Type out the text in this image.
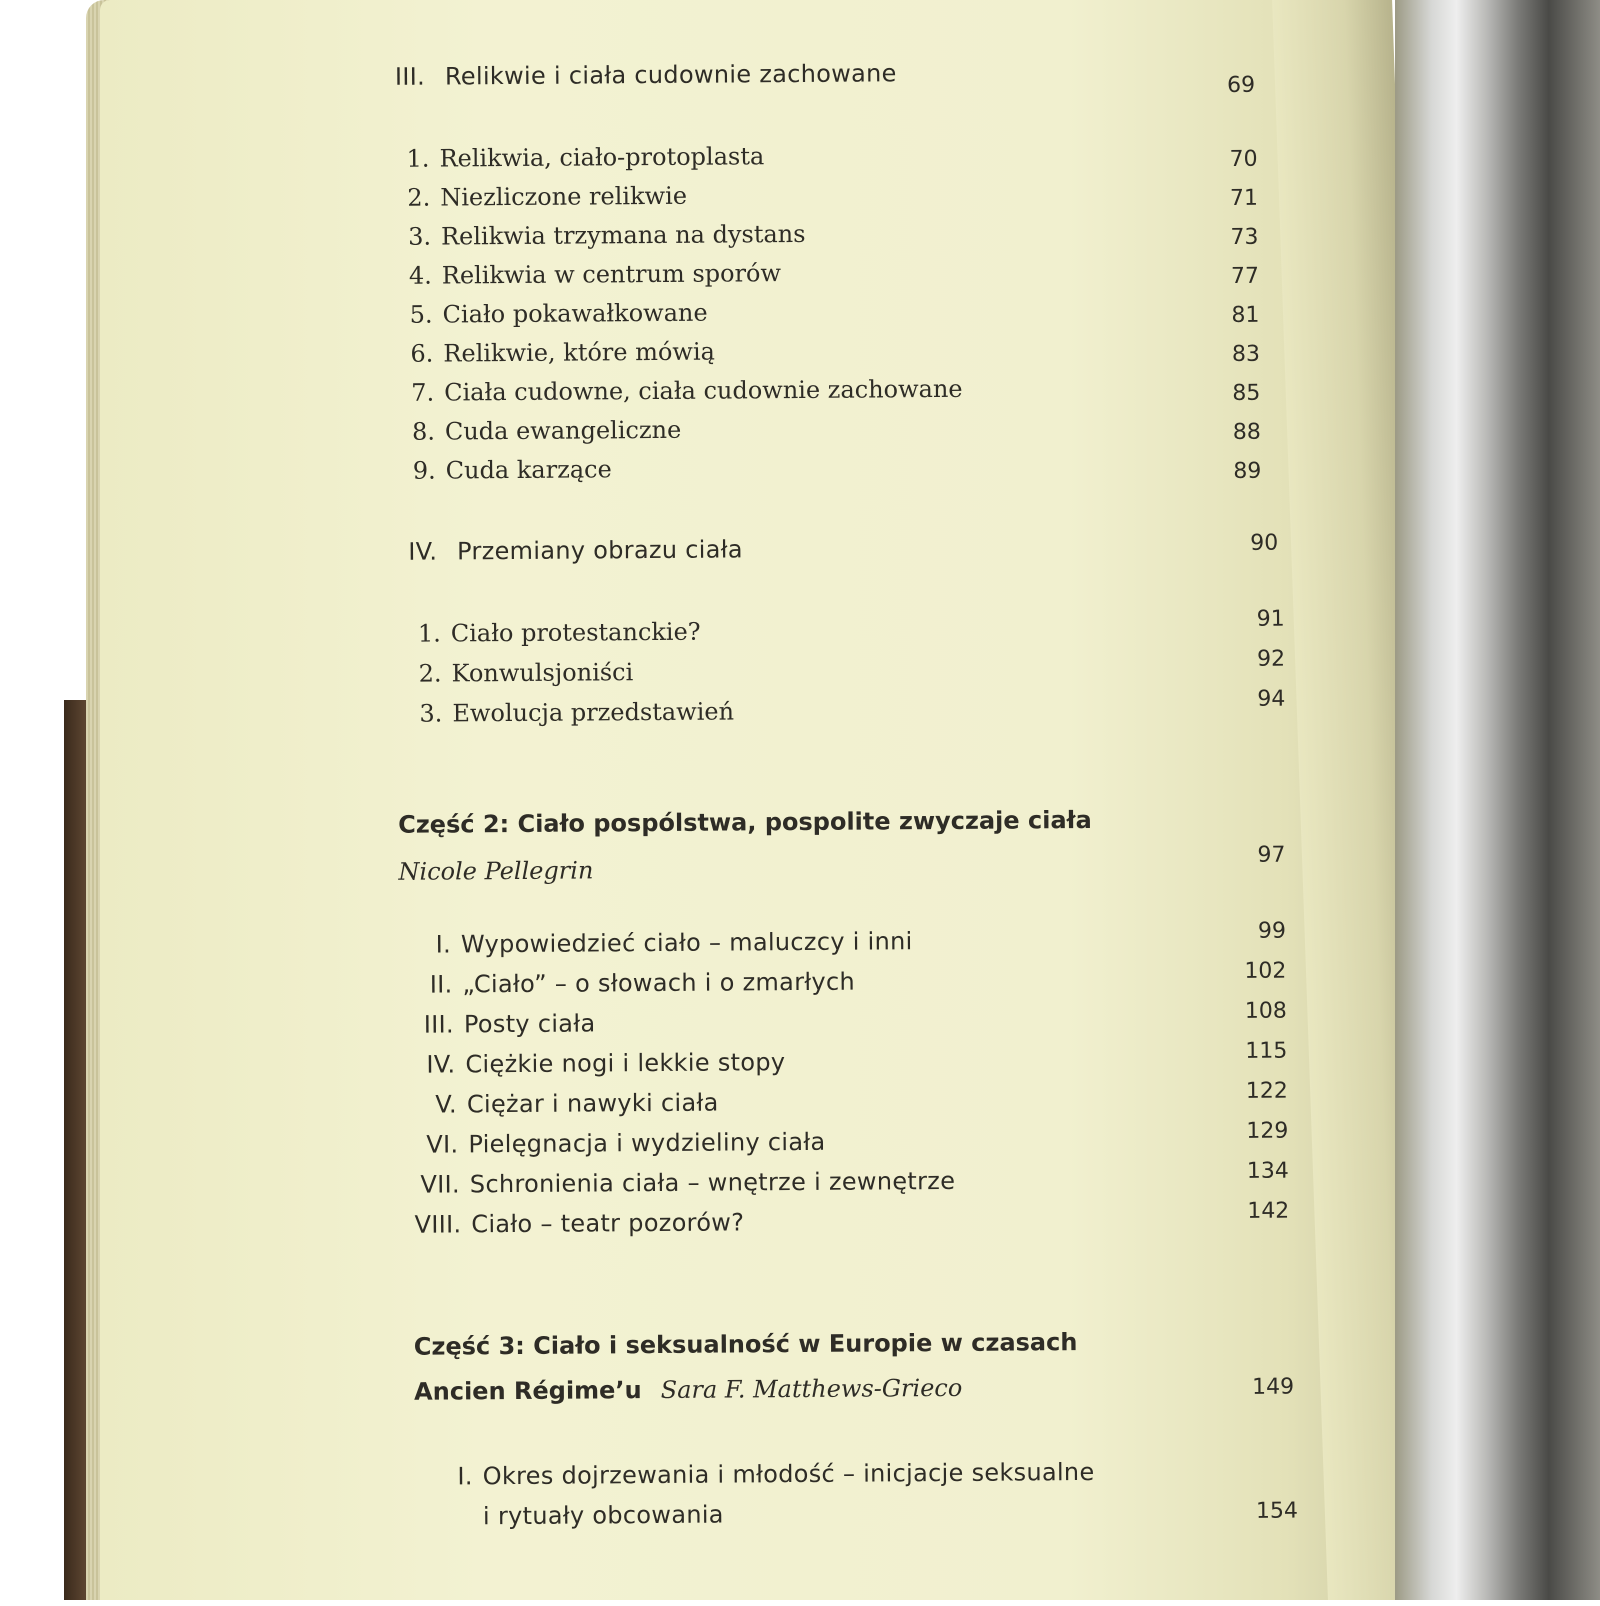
III. Relikwie i ciała cudownie zachowane	69
1. Relikwia, ciało-protoplasta	70
2. Niezliczone relikwie	71
3. Relikwia trzymana na dystans	73
4. Relikwia w centrum sporów	77
5. Ciało pokawałkowane	81
6. Relikwie, które mówią	83
7. Ciała cudowne, ciała cudownie zachowane	85
8. Cuda ewangeliczne	88
9. Cuda karzące	89
IV. Przemiany obrazu ciała	90
1. Ciało protestanckie?	91
2. Konwulsjoniści	92
3. Ewolucja przedstawień	94
Część 2: Ciało pospólstwa, pospolite zwyczaje ciała
Nicole Pellegrin
97
I. Wypowiedzieć ciało – maluczcy i inni	99
II. „Ciało” – o słowach i o zmarłych	102
III. Posty ciała	108
IV. Ciężkie nogi i lekkie stopy	115
V. Ciężar i nawyki ciała	122
VI. Pielęgnacja i wydzieliny ciała	129
VII. Schronienia ciała – wnętrze i zewnętrze	134
VIII. Ciało – teatr pozorów?	142
Część 3: Ciało i seksualność w Europie w czasach
Ancien Régime’u Sara F. Matthews-Grieco	149
I. Okres dojrzewania i młodość – inicjacje seksualne
i rytuały obcowania	154
